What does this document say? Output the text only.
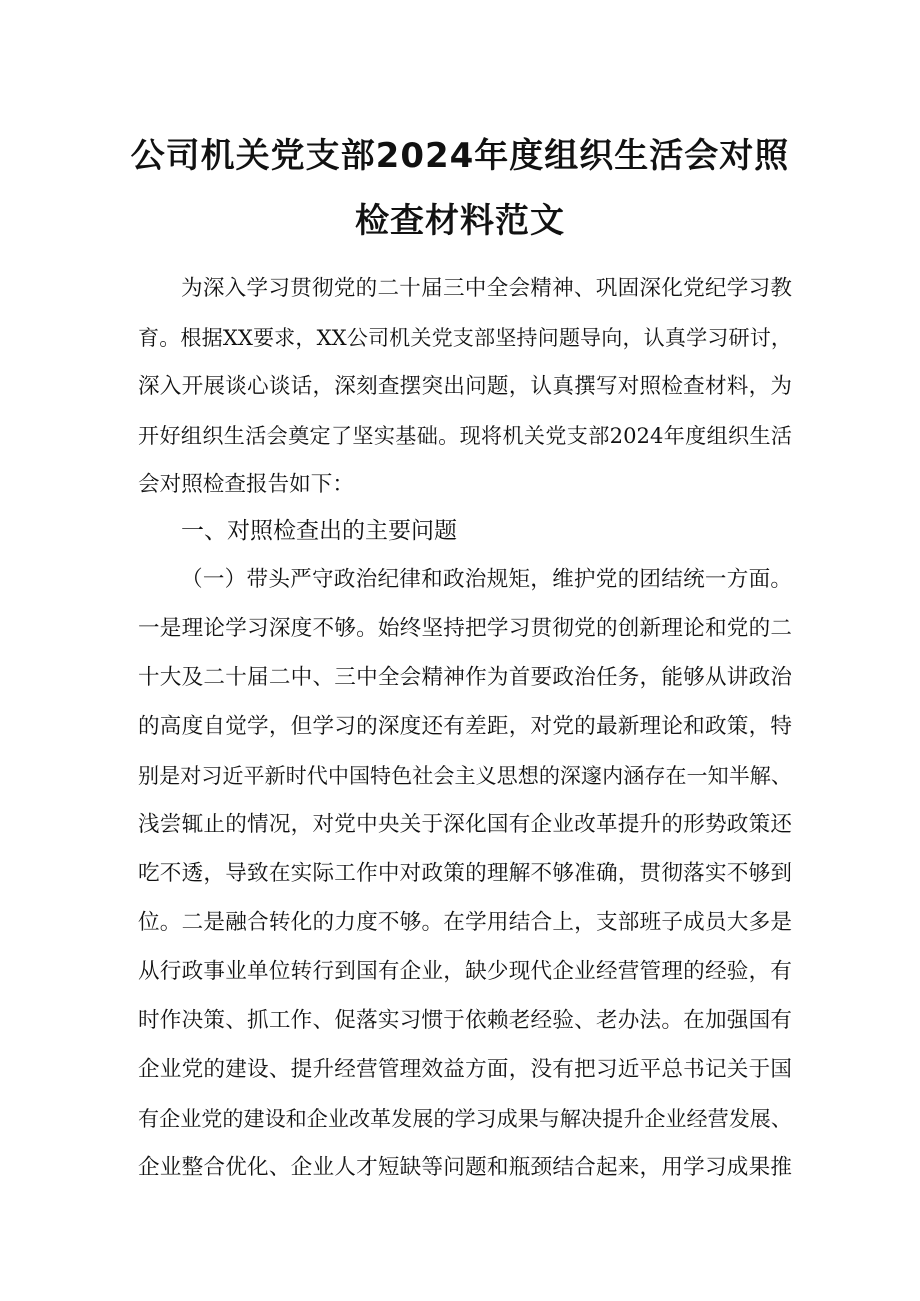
公司机关党支部2024年度组织生活会对照
检查材料范文
为深入学习贯彻党的二十届三中全会精神、巩固深化党纪学习教
育。根据XX要求，XX公司机关党支部坚持问题导向，认真学习研讨，
深入开展谈心谈话，深刻查摆突出问题，认真撰写对照检查材料，为
开好组织生活会奠定了坚实基础。现将机关党支部2024年度组织生活
会对照检查报告如下：
一、对照检查出的主要问题
（一）带头严守政治纪律和政治规矩，维护党的团结统一方面。
一是理论学习深度不够。始终坚持把学习贯彻党的创新理论和党的二
十大及二十届二中、三中全会精神作为首要政治任务，能够从讲政治
的高度自觉学，但学习的深度还有差距，对党的最新理论和政策，特
别是对习近平新时代中国特色社会主义思想的深邃内涵存在一知半解、
浅尝辄止的情况，对党中央关于深化国有企业改革提升的形势政策还
吃不透，导致在实际工作中对政策的理解不够准确，贯彻落实不够到
位。二是融合转化的力度不够。在学用结合上，支部班子成员大多是
从行政事业单位转行到国有企业，缺少现代企业经营管理的经验，有
时作决策、抓工作、促落实习惯于依赖老经验、老办法。在加强国有
企业党的建设、提升经营管理效益方面，没有把习近平总书记关于国
有企业党的建设和企业改革发展的学习成果与解决提升企业经营发展、
企业整合优化、企业人才短缺等问题和瓶颈结合起来，用学习成果推
